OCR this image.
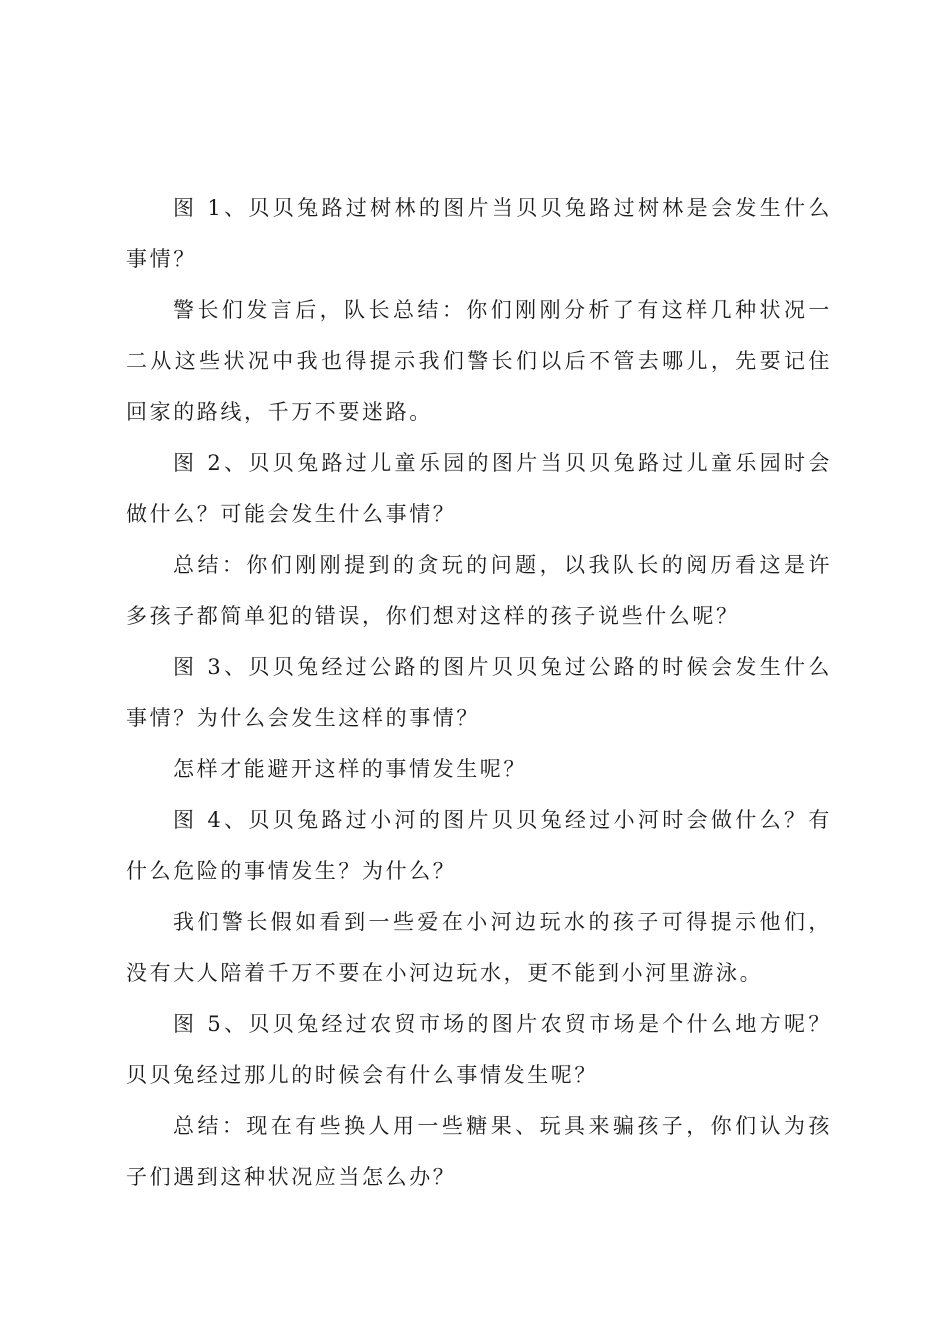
图 1、贝贝兔路过树林的图片当贝贝兔路过树林是会发生什么事情？

警长们发言后，队长总结：你们刚刚分析了有这样几种状况一二从这些状况中我也得提示我们警长们以后不管去哪儿，先要记住回家的路线，千万不要迷路。

图 2、贝贝兔路过儿童乐园的图片当贝贝兔路过儿童乐园时会做什么？可能会发生什么事情？

总结：你们刚刚提到的贪玩的问题，以我队长的阅历看这是许多孩子都简单犯的错误，你们想对这样的孩子说些什么呢？

图 3、贝贝兔经过公路的图片贝贝兔过公路的时候会发生什么事情？为什么会发生这样的事情？

怎样才能避开这样的事情发生呢？

图 4、贝贝兔路过小河的图片贝贝兔经过小河时会做什么？有什么危险的事情发生？为什么？

我们警长假如看到一些爱在小河边玩水的孩子可得提示他们，没有大人陪着千万不要在小河边玩水，更不能到小河里游泳。

图 5、贝贝兔经过农贸市场的图片农贸市场是个什么地方呢？贝贝兔经过那儿的时候会有什么事情发生呢？

总结：现在有些换人用一些糖果、玩具来骗孩子，你们认为孩子们遇到这种状况应当怎么办？
